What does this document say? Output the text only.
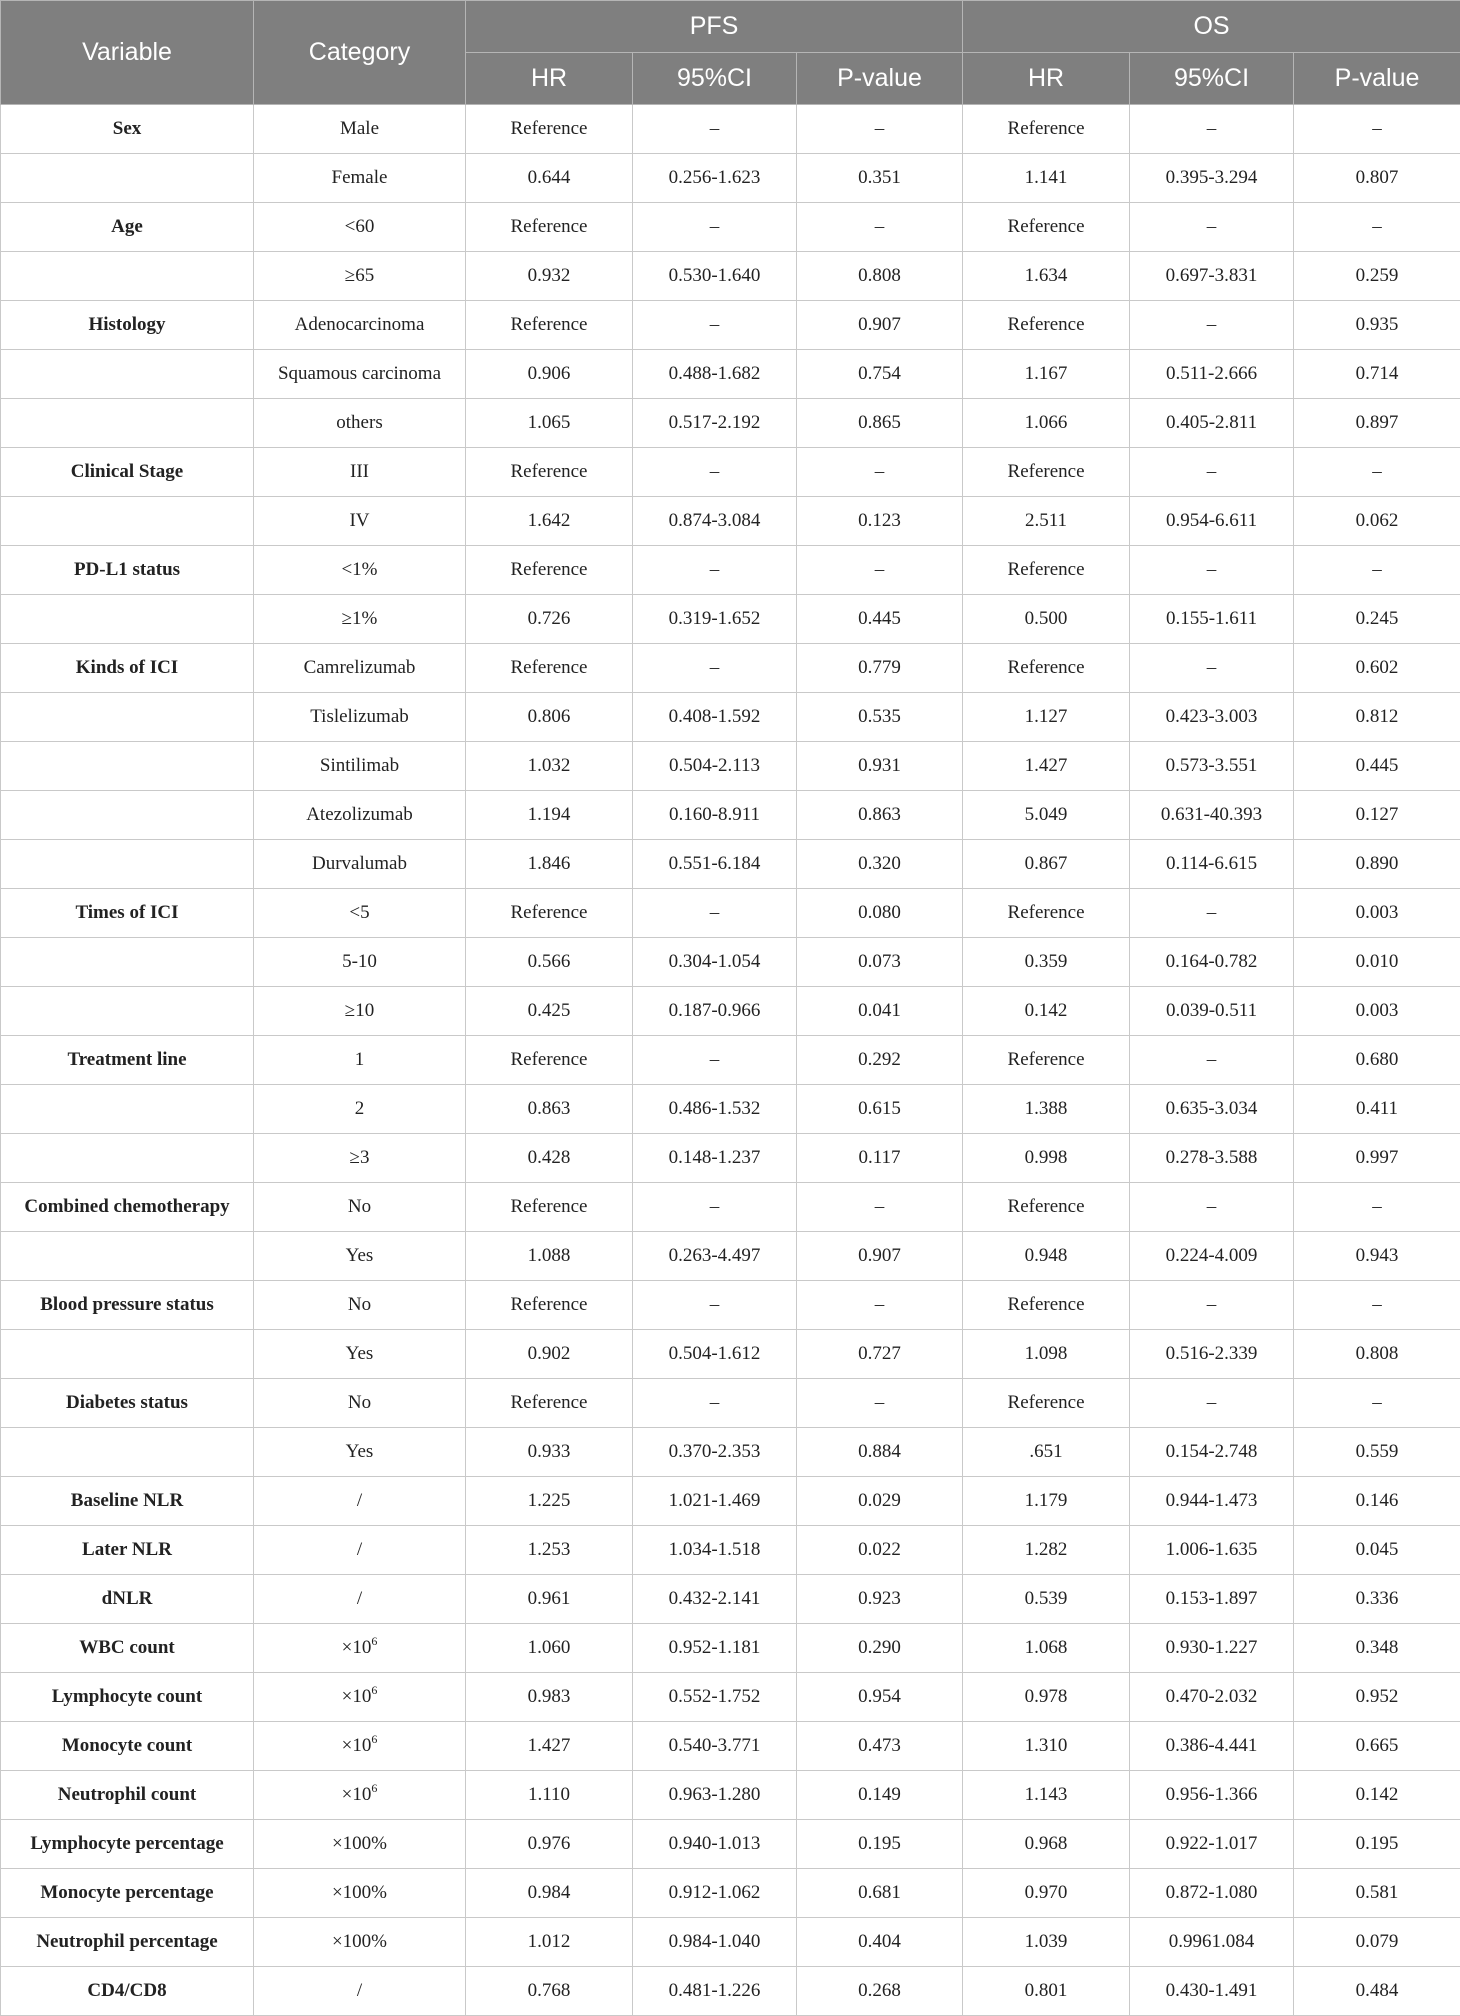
Variable	Category	PFS			OS		
		HR	95%CI	P-value	HR	95%CI	P-value
Sex	Male	Reference	–	–	Reference	–	–
	Female	0.644	0.256-1.623	0.351	1.141	0.395-3.294	0.807
Age	<60	Reference	–	–	Reference	–	–
	≥65	0.932	0.530-1.640	0.808	1.634	0.697-3.831	0.259
Histology	Adenocarcinoma	Reference	–	0.907	Reference	–	0.935
	Squamous carcinoma	0.906	0.488-1.682	0.754	1.167	0.511-2.666	0.714
	others	1.065	0.517-2.192	0.865	1.066	0.405-2.811	0.897
Clinical Stage	III	Reference	–	–	Reference	–	–
	IV	1.642	0.874-3.084	0.123	2.511	0.954-6.611	0.062
PD-L1 status	<1%	Reference	–	–	Reference	–	–
	≥1%	0.726	0.319-1.652	0.445	0.500	0.155-1.611	0.245
Kinds of ICI	Camrelizumab	Reference	–	0.779	Reference	–	0.602
	Tislelizumab	0.806	0.408-1.592	0.535	1.127	0.423-3.003	0.812
	Sintilimab	1.032	0.504-2.113	0.931	1.427	0.573-3.551	0.445
	Atezolizumab	1.194	0.160-8.911	0.863	5.049	0.631-40.393	0.127
	Durvalumab	1.846	0.551-6.184	0.320	0.867	0.114-6.615	0.890
Times of ICI	<5	Reference	–	0.080	Reference	–	0.003
	5-10	0.566	0.304-1.054	0.073	0.359	0.164-0.782	0.010
	≥10	0.425	0.187-0.966	0.041	0.142	0.039-0.511	0.003
Treatment line	1	Reference	–	0.292	Reference	–	0.680
	2	0.863	0.486-1.532	0.615	1.388	0.635-3.034	0.411
	≥3	0.428	0.148-1.237	0.117	0.998	0.278-3.588	0.997
Combined chemotherapy	No	Reference	–	–	Reference	–	–
	Yes	1.088	0.263-4.497	0.907	0.948	0.224-4.009	0.943
Blood pressure status	No	Reference	–	–	Reference	–	–
	Yes	0.902	0.504-1.612	0.727	1.098	0.516-2.339	0.808
Diabetes status	No	Reference	–	–	Reference	–	–
	Yes	0.933	0.370-2.353	0.884	.651	0.154-2.748	0.559
Baseline NLR	/	1.225	1.021-1.469	0.029	1.179	0.944-1.473	0.146
Later NLR	/	1.253	1.034-1.518	0.022	1.282	1.006-1.635	0.045
dNLR	/	0.961	0.432-2.141	0.923	0.539	0.153-1.897	0.336
WBC count	$\times 10^6$	1.060	0.952-1.181	0.290	1.068	0.930-1.227	0.348
Lymphocyte count	$\times 10^6$	0.983	0.552-1.752	0.954	0.978	0.470-2.032	0.952
Monocyte count	$\times 10^6$	1.427	0.540-3.771	0.473	1.310	0.386-4.441	0.665
Neutrophil count	$\times 10^6$	1.110	0.963-1.280	0.149	1.143	0.956-1.366	0.142
Lymphocyte percentage	×100%	0.976	0.940-1.013	0.195	0.968	0.922-1.017	0.195
Monocyte percentage	×100%	0.984	0.912-1.062	0.681	0.970	0.872-1.080	0.581
Neutrophil percentage	×100%	1.012	0.984-1.040	0.404	1.039	0.9961.084	0.079
CD4/CD8	/	0.768	0.481-1.226	0.268	0.801	0.430-1.491	0.484
